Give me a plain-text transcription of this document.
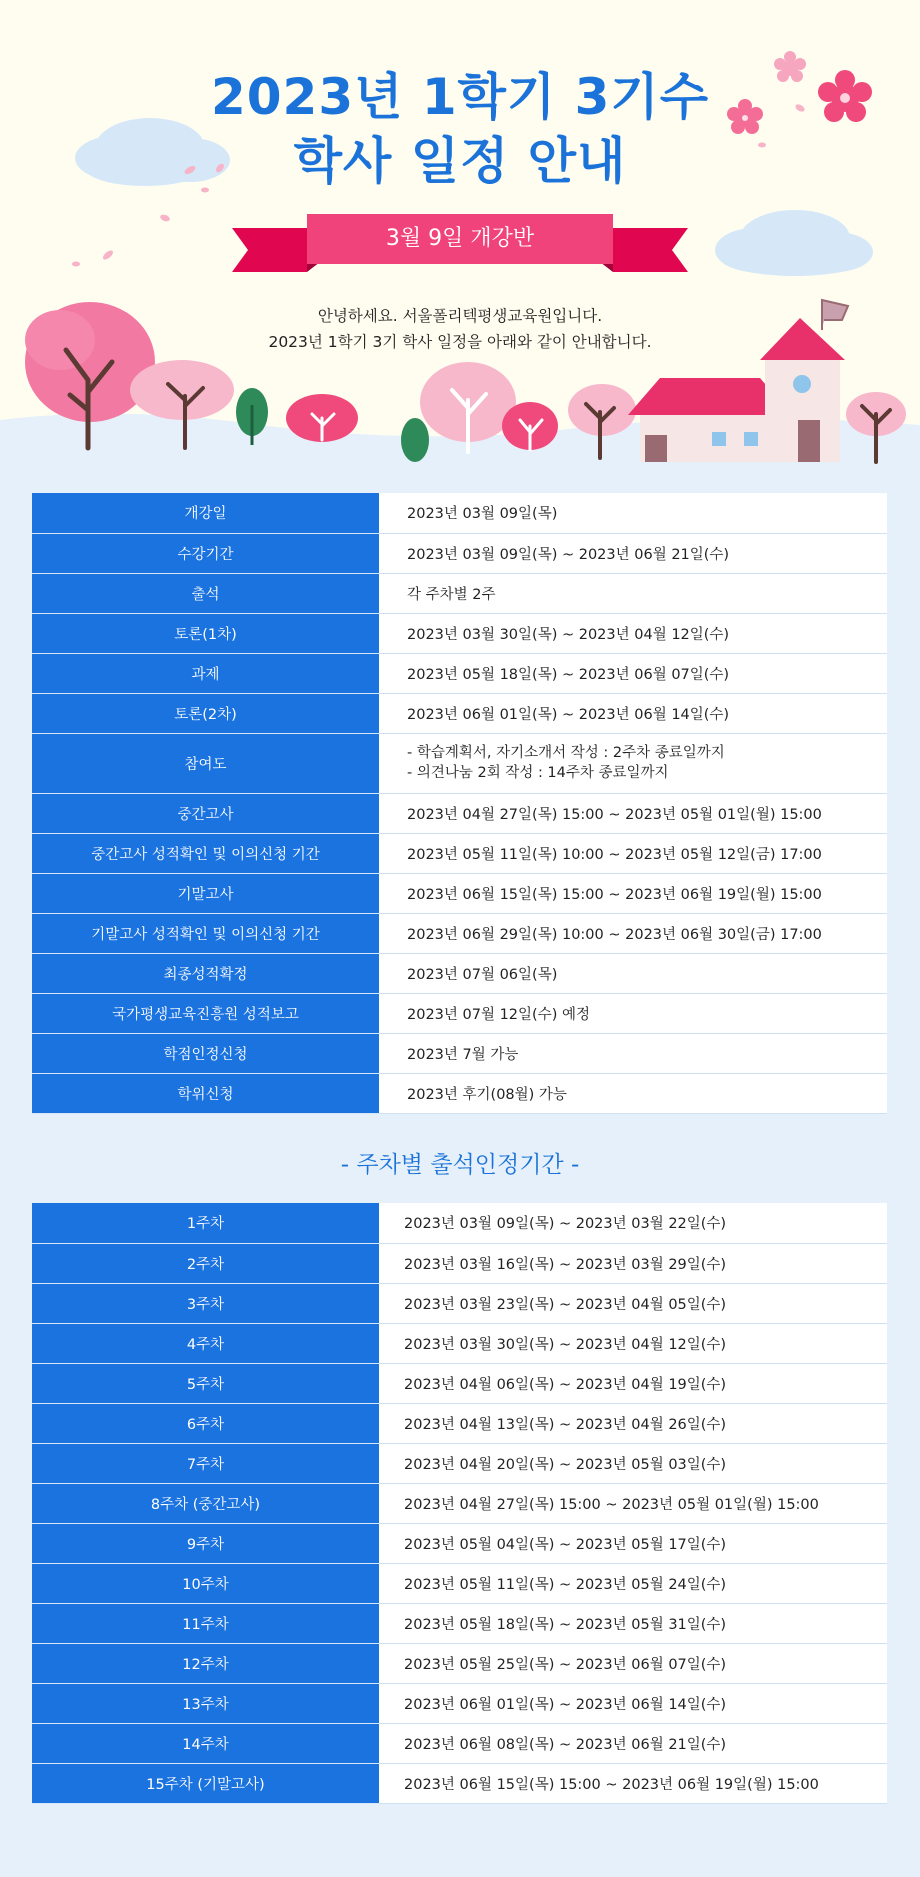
2023년 1학기 3기수
학사 일정 안내
3월 9일 개강반
안녕하세요. 서울폴리텍평생교육원입니다.
2023년 1학기 3기 학사 일정을 아래와 같이 안내합니다.
개강일	2023년 03월 09일(목)
수강기간	2023년 03월 09일(목) ~ 2023년 06월 21일(수)
출석	각 주차별 2주
토론(1차)	2023년 03월 30일(목) ~ 2023년 04월 12일(수)
과제	2023년 05월 18일(목) ~ 2023년 06월 07일(수)
토론(2차)	2023년 06월 01일(목) ~ 2023년 06월 14일(수)
참여도	- 학습계획서, 자기소개서 작성 : 2주차 종료일까지
- 의견나눔 2회 작성 : 14주차 종료일까지

중간고사	2023년 04월 27일(목) 15:00 ~ 2023년 05월 01일(월) 15:00
중간고사 성적확인 및 이의신청 기간	2023년 05월 11일(목) 10:00 ~ 2023년 05월 12일(금) 17:00
기말고사	2023년 06월 15일(목) 15:00 ~ 2023년 06월 19일(월) 15:00
기말고사 성적확인 및 이의신청 기간	2023년 06월 29일(목) 10:00 ~ 2023년 06월 30일(금) 17:00
최종성적확정	2023년 07월 06일(목)
국가평생교육진흥원 성적보고	2023년 07월 12일(수) 예정
학점인정신청	2023년 7월 가능
학위신청	2023년 후기(08월) 가능
- 주차별 출석인정기간 -
1주차	2023년 03월 09일(목) ~ 2023년 03월 22일(수)
2주차	2023년 03월 16일(목) ~ 2023년 03월 29일(수)
3주차	2023년 03월 23일(목) ~ 2023년 04월 05일(수)
4주차	2023년 03월 30일(목) ~ 2023년 04월 12일(수)
5주차	2023년 04월 06일(목) ~ 2023년 04월 19일(수)
6주차	2023년 04월 13일(목) ~ 2023년 04월 26일(수)
7주차	2023년 04월 20일(목) ~ 2023년 05월 03일(수)
8주차 (중간고사)	2023년 04월 27일(목) 15:00 ~ 2023년 05월 01일(월) 15:00
9주차	2023년 05월 04일(목) ~ 2023년 05월 17일(수)
10주차	2023년 05월 11일(목) ~ 2023년 05월 24일(수)
11주차	2023년 05월 18일(목) ~ 2023년 05월 31일(수)
12주차	2023년 05월 25일(목) ~ 2023년 06월 07일(수)
13주차	2023년 06월 01일(목) ~ 2023년 06월 14일(수)
14주차	2023년 06월 08일(목) ~ 2023년 06월 21일(수)
15주차 (기말고사)	2023년 06월 15일(목) 15:00 ~ 2023년 06월 19일(월) 15:00
